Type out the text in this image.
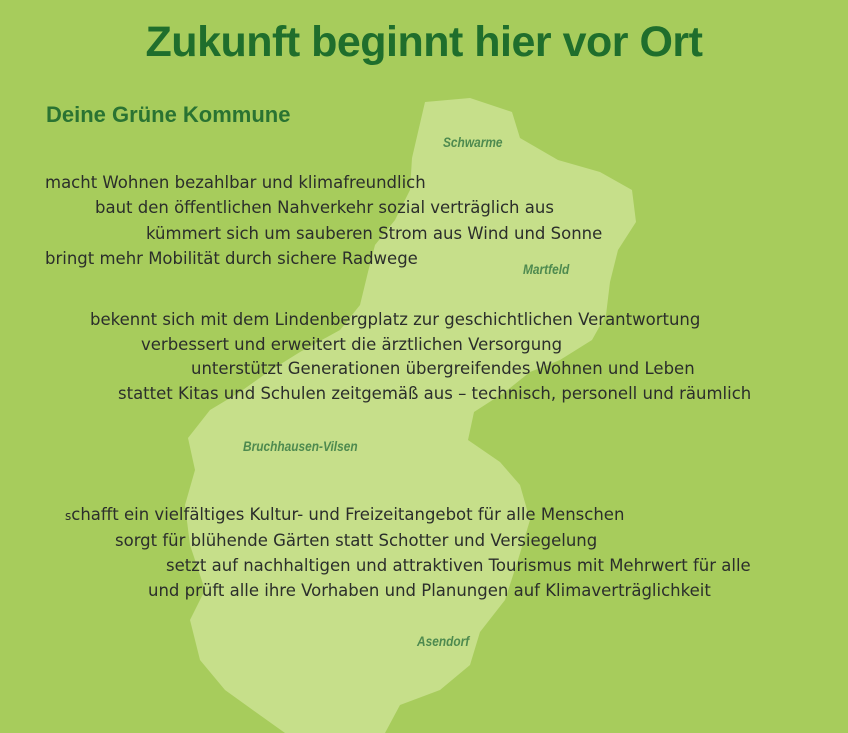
Zukunft beginnt hier vor Ort
Deine Grüne Kommune

Schwarme

Martfeld

Bruchhausen-Vilsen

Asendorf

macht Wohnen bezahlbar und klimafreundlich

baut den öffentlichen Nahverkehr sozial verträglich aus

kümmert sich um sauberen Strom aus Wind und Sonne

bringt mehr Mobilität durch sichere Radwege

bekennt sich mit dem Lindenbergplatz zur geschichtlichen Verantwortung

verbessert und erweitert die ärztlichen Versorgung

unterstützt Generationen übergreifendes Wohnen und Leben

stattet Kitas und Schulen zeitgemäß aus – technisch, personell und räumlich

schafft ein vielfältiges Kultur- und Freizeitangebot für alle Menschen

sorgt für blühende Gärten statt Schotter und Versiegelung

setzt auf nachhaltigen und attraktiven Tourismus mit Mehrwert für alle

und prüft alle ihre Vorhaben und Planungen auf Klimaverträglichkeit
